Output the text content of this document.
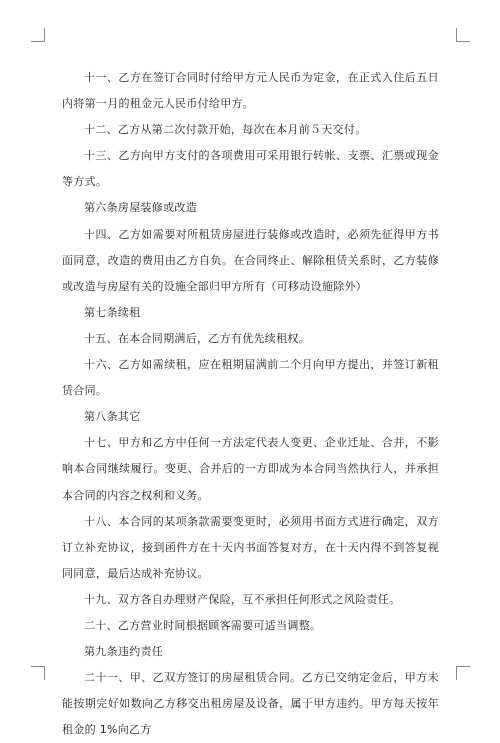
十一、乙方在签订合同时付给甲方元人民币为定金，在正式入住后五日内将第一月的租金元人民币付给甲方。

十二、乙方从第二次付款开始，每次在本月前５天交付。

十三、乙方向甲方支付的各项费用可采用银行转帐、支票、汇票或现金等方式。

第六条房屋装修或改造

十四、乙方如需要对所租赁房屋进行装修或改造时，必须先征得甲方书面同意，改造的费用由乙方自负。在合同终止、解除租赁关系时，乙方装修或改造与房屋有关的设施全部归甲方所有（可移动设施除外）

第七条续租

十五、在本合同期满后，乙方有优先续租权。

十六、乙方如需续租，应在租期届满前二个月向甲方提出，并签订新租赁合同。

第八条其它

十七、甲方和乙方中任何一方法定代表人变更、企业迁址、合并，不影响本合同继续履行。变更、合并后的一方即成为本合同当然执行人，并承担本合同的内容之权利和义务。

十八、本合同的某项条款需要变更时，必须用书面方式进行确定，双方订立补充协议，接到函件方在十天内书面答复对方，在十天内得不到答复视同同意，最后达成补充协议。

十九、双方各自办理财产保险，互不承担任何形式之风险责任。

二十、乙方营业时间根据顾客需要可适当调整。

第九条违约责任

二十一、甲、乙双方签订的房屋租赁合同。乙方已交纳定金后，甲方未能按期完好如数向乙方移交出租房屋及设备，属于甲方违约。甲方每天按年租金的 1%向乙方
